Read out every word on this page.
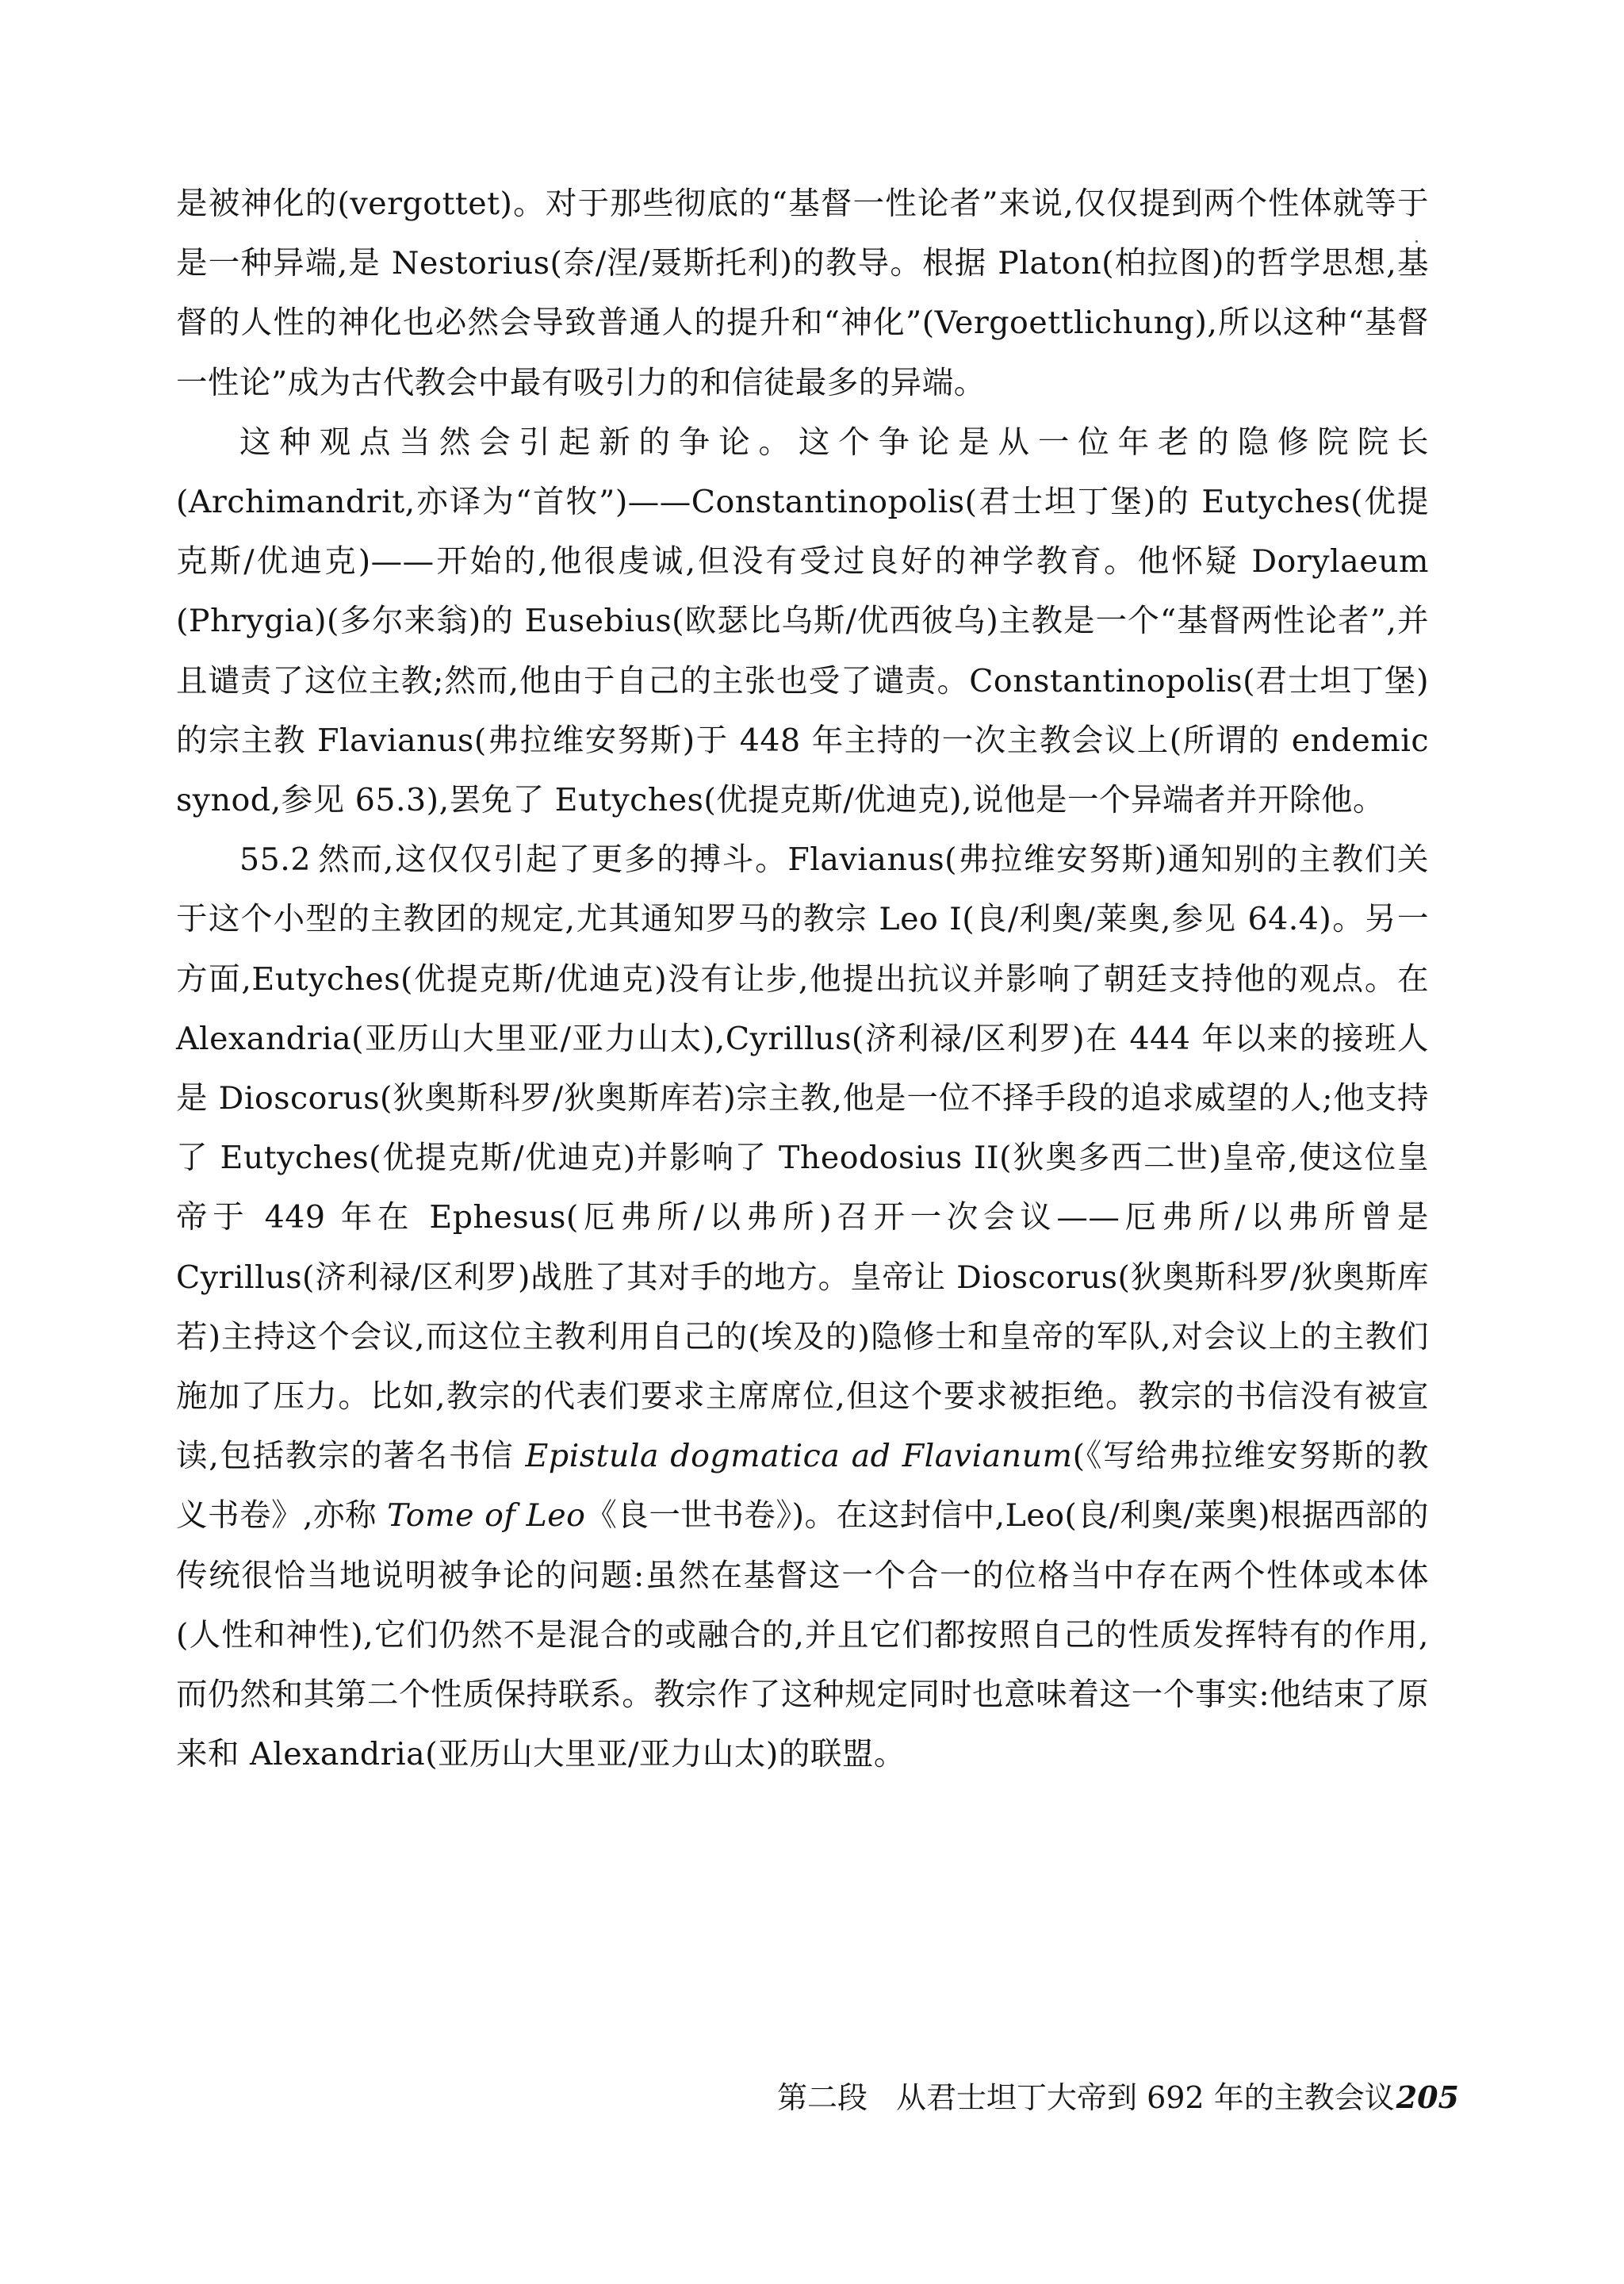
是被神化的(vergottet)。对于那些彻底的“基督一性论者”来说,仅仅提到两个性体就等于是一种异端,是 Nestorius(奈/涅/聂斯托利)的教导。根据 Platon(柏拉图)的哲学思想,基督的人性的神化也必然会导致普通人的提升和“神化”(Vergoettlichung),所以这种“基督一性论”成为古代教会中最有吸引力的和信徒最多的异端。

这种观点当然会引起新的争论。这个争论是从一位年老的隐修院院长(Archimandrit,亦译为“首牧”)——Constantinopolis(君士坦丁堡)的 Eutyches(优提克斯/优迪克)——开始的,他很虔诚,但没有受过良好的神学教育。他怀疑 Dorylaeum (Phrygia)(多尔来翁)的 Eusebius(欧瑟比乌斯/优西彼乌)主教是一个“基督两性论者”,并且谴责了这位主教;然而,他由于自己的主张也受了谴责。Constantinopolis(君士坦丁堡)的宗主教 Flavianus(弗拉维安努斯)于 448 年主持的一次主教会议上(所谓的 endemic synod,参见 65.3),罢免了 Eutyches(优提克斯/优迪克),说他是一个异端者并开除他。

55.2 然而,这仅仅引起了更多的搏斗。Flavianus(弗拉维安努斯)通知别的主教们关于这个小型的主教团的规定,尤其通知罗马的教宗 Leo I(良/利奥/莱奥,参见 64.4)。另一方面,Eutyches(优提克斯/优迪克)没有让步,他提出抗议并影响了朝廷支持他的观点。在 Alexandria(亚历山大里亚/亚力山太),Cyrillus(济利禄/区利罗)在 444 年以来的接班人是 Dioscorus(狄奥斯科罗/狄奥斯库若)宗主教,他是一位不择手段的追求威望的人;他支持了 Eutyches(优提克斯/优迪克)并影响了 Theodosius II(狄奥多西二世)皇帝,使这位皇帝于 449 年在 Ephesus(厄弗所/以弗所)召开一次会议——厄弗所/以弗所曾是 Cyrillus(济利禄/区利罗)战胜了其对手的地方。皇帝让 Dioscorus(狄奥斯科罗/狄奥斯库若)主持这个会议,而这位主教利用自己的(埃及的)隐修士和皇帝的军队,对会议上的主教们施加了压力。比如,教宗的代表们要求主席席位,但这个要求被拒绝。教宗的书信没有被宣读,包括教宗的著名书信 Epistula dogmatica ad Flavianum(《写给弗拉维安努斯的教义书卷》,亦称 Tome of Leo《良一世书卷》)。在这封信中,Leo(良/利奥/莱奥)根据西部的传统很恰当地说明被争论的问题:虽然在基督这一个合一的位格当中存在两个性体或本体(人性和神性),它们仍然不是混合的或融合的,并且它们都按照自己的性质发挥特有的作用,而仍然和其第二个性质保持联系。教宗作了这种规定同时也意味着这一个事实:他结束了原来和 Alexandria(亚历山大里亚/亚力山太)的联盟。

第二段 从君士坦丁大帝到 692 年的主教会议 205
